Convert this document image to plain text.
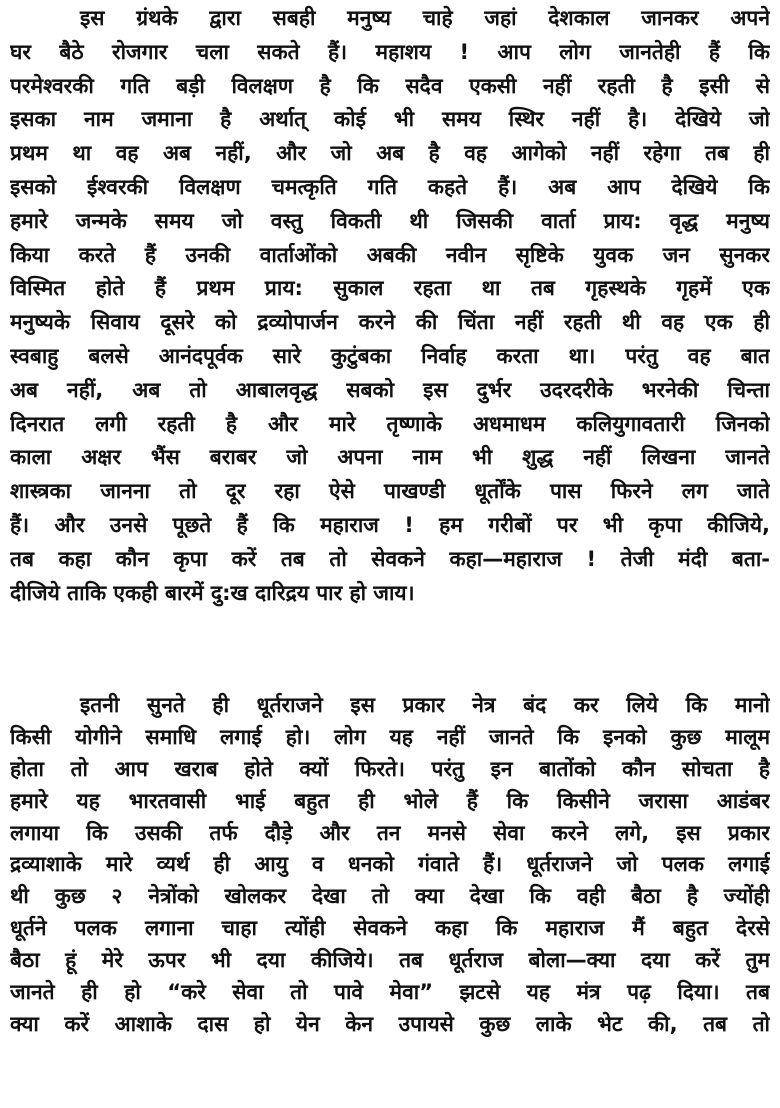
इस ग्रंथके द्वारा सबही मनुष्य चाहे जहां देशकाल जानकर अपने
घर बैठे रोजगार चला सकते हैं। महाशय ! आप लोग जानतेही हैं कि
परमेश्वरकी गति बड़ी विलक्षण है कि सदैव एकसी नहीं रहती है इसी से
इसका नाम जमाना है अर्थात् कोई भी समय स्थिर नहीं है। देखिये जो
प्रथम था वह अब नहीं, और जो अब है वह आगेको नहीं रहेगा तब ही
इसको ईश्वरकी विलक्षण चमत्कृति गति कहते हैं। अब आप देखिये कि
हमारे जन्मके समय जो वस्तु विकती थी जिसकी वार्ता प्राय: वृद्ध मनुष्य
किया करते हैं उनकी वार्ताओंको अबकी नवीन सृष्टिके युवक जन सुनकर
विस्मित होते हैं प्रथम प्राय: सुकाल रहता था तब गृहस्थके गृहमें एक
मनुष्यके सिवाय दूसरे को द्रव्योपार्जन करने की चिंता नहीं रहती थी वह एक ही
स्वबाहु बलसे आनंदपूर्वक सारे कुटुंबका निर्वाह करता था। परंतु वह बात
अब नहीं, अब तो आबालवृद्ध सबको इस दुर्भर उदरदरीके भरनेकी चिन्ता
दिनरात लगी रहती है और मारे तृष्णाके अधमाधम कलियुगावतारी जिनको
काला अक्षर भैंस बराबर जो अपना नाम भी शुद्ध नहीं लिखना जानते
शास्त्रका जानना तो दूर रहा ऐसे पाखण्डी धूर्तोंके पास फिरने लग जाते
हैं। और उनसे पूछते हैं कि महाराज ! हम गरीबों पर भी कृपा कीजिये,
तब कहा कौन कृपा करें तब तो सेवकने कहा—महाराज ! तेजी मंदी बता-
दीजिये ताकि एकही बारमें दु:ख दारिद्रय पार हो जाय।
इतनी सुनते ही धूर्तराजने इस प्रकार नेत्र बंद कर लिये कि मानो
किसी योगीने समाधि लगाई हो। लोग यह नहीं जानते कि इनको कुछ मालूम
होता तो आप खराब होते क्यों फिरते। परंतु इन बातोंको कौन सोचता है
हमारे यह भारतवासी भाई बहुत ही भोले हैं कि किसीने जरासा आडंबर
लगाया कि उसकी तर्फ दौड़े और तन मनसे सेवा करने लगे, इस प्रकार
द्रव्याशाके मारे व्यर्थ ही आयु व धनको गंवाते हैं। धूर्तराजने जो पलक लगाई
थी कुछ २ नेत्रोंको खोलकर देखा तो क्या देखा कि वही बैठा है ज्योंही
धूर्तने पलक लगाना चाहा त्योंही सेवकने कहा कि महाराज मैं बहुत देरसे
बैठा हूं मेरे ऊपर भी दया कीजिये। तब धूर्तराज बोला—क्या दया करें तुम
जानते ही हो “करे सेवा तो पावे मेवा” झटसे यह मंत्र पढ़ दिया। तब
क्या करें आशाके दास हो येन केन उपायसे कुछ लाके भेट की, तब तो
